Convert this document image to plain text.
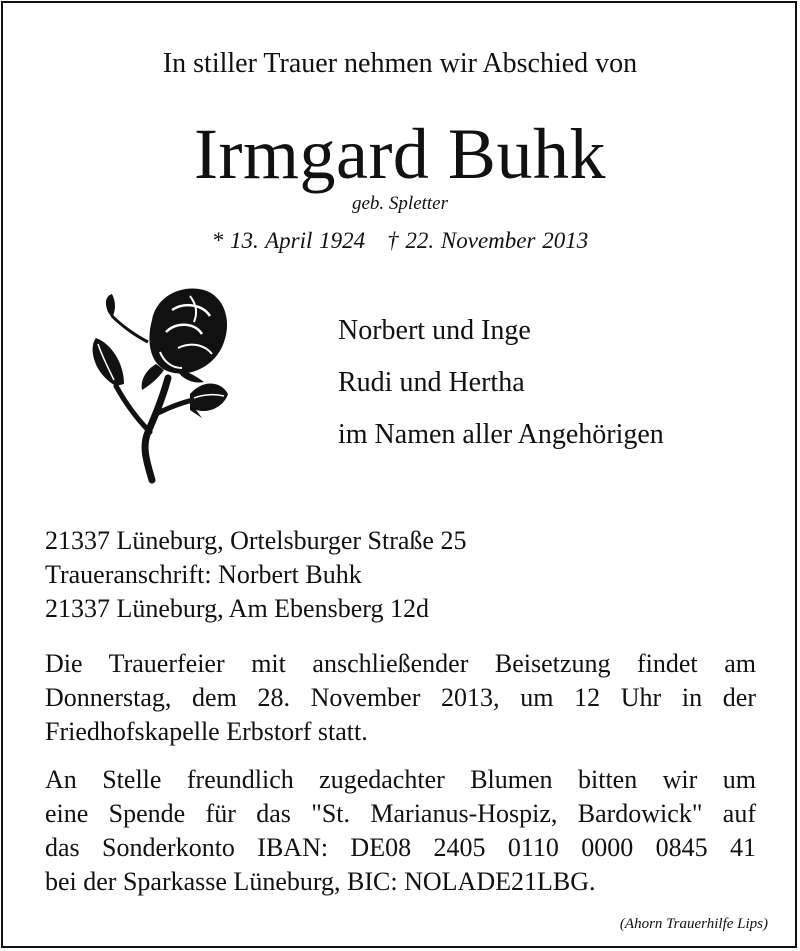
In stiller Trauer nehmen wir Abschied von
Irmgard Buhk
geb. Spletter
* 13. April 1924 † 22. November 2013
Norbert und Inge
Rudi und Hertha
im Namen aller Angehörigen
21337 Lüneburg, Ortelsburger Straße 25
Traueranschrift: Norbert Buhk
21337 Lüneburg, Am Ebensberg 12d
Die Trauerfeier mit anschließender Beisetzung findet am
Donnerstag, dem 28. November 2013, um 12 Uhr in der
Friedhofskapelle Erbstorf statt.
An Stelle freundlich zugedachter Blumen bitten wir um
eine Spende für das "St. Marianus-Hospiz, Bardowick" auf
das Sonderkonto IBAN: DE08 2405 0110 0000 0845 41
bei der Sparkasse Lüneburg, BIC: NOLADE21LBG.
(Ahorn Trauerhilfe Lips)
